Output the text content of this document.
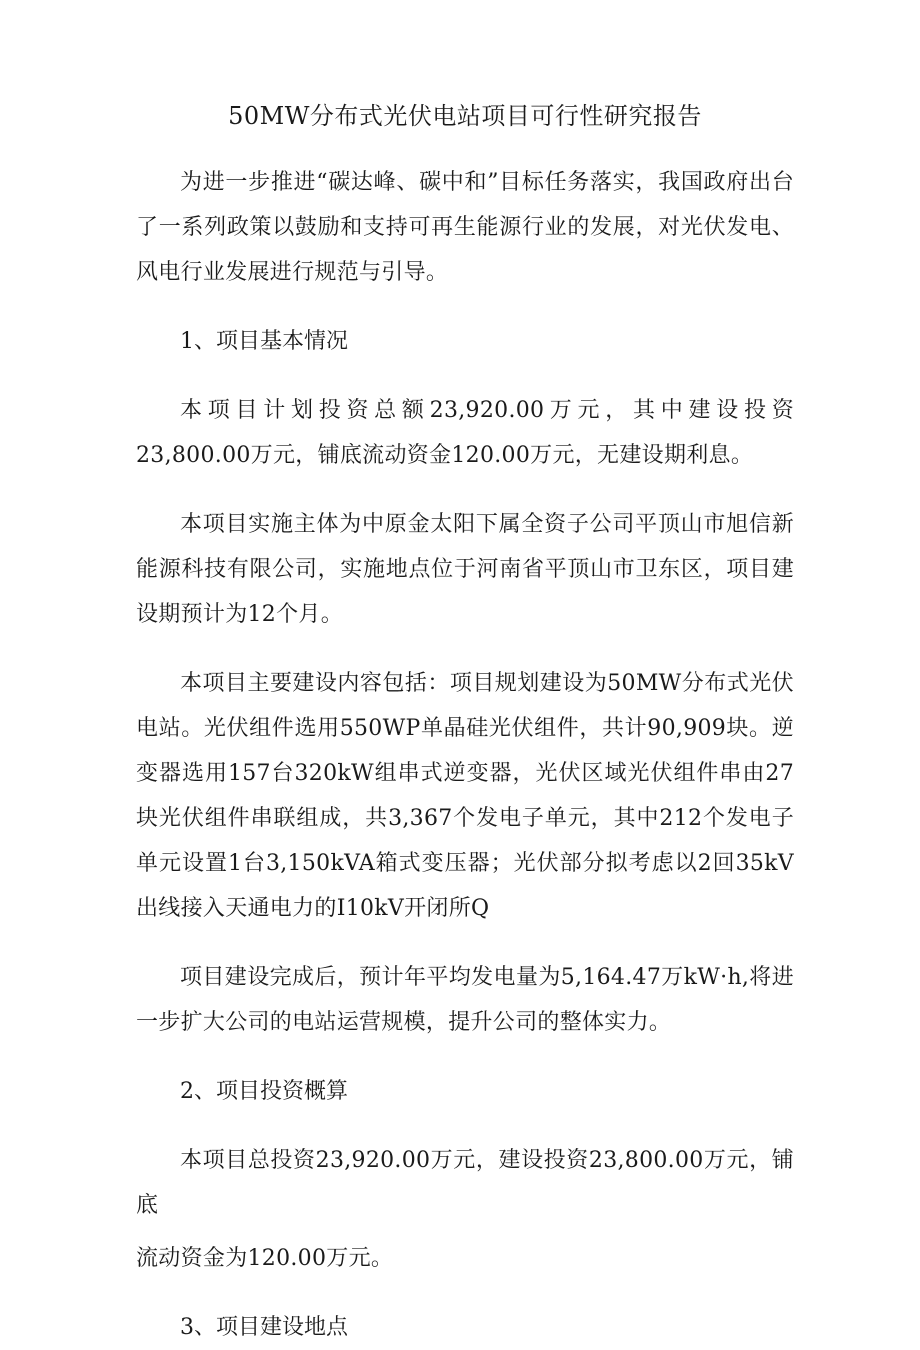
50MW分布式光伏电站项目可行性研究报告

为进一步推进“碳达峰、碳中和”目标任务落实，我国政府出台了一系列政策以鼓励和支持可再生能源行业的发展，对光伏发电、风电行业发展进行规范与引导。

1、项目基本情况

本项目计划投资总额23,920.00万元，其中建设投资23,800.00万元，铺底流动资金120.00万元，无建设期利息。

本项目实施主体为中原金太阳下属全资子公司平顶山市旭信新能源科技有限公司，实施地点位于河南省平顶山市卫东区，项目建设期预计为12个月。

本项目主要建设内容包括：项目规划建设为50MW分布式光伏电站。光伏组件选用550WP单晶硅光伏组件，共计90,909块。逆变器选用157台320kW组串式逆变器，光伏区域光伏组件串由27块光伏组件串联组成，共3,367个发电子单元，其中212个发电子单元设置1台3,150kVA箱式变压器；光伏部分拟考虑以2回35kV出线接入天通电力的I10kV开闭所Q

项目建设完成后，预计年平均发电量为5,164.47万kW·h,将进一步扩大公司的电站运营规模，提升公司的整体实力。

2、项目投资概算

本项目总投资23,920.00万元，建设投资23,800.00万元，铺底

流动资金为120.00万元。

3、项目建设地点
